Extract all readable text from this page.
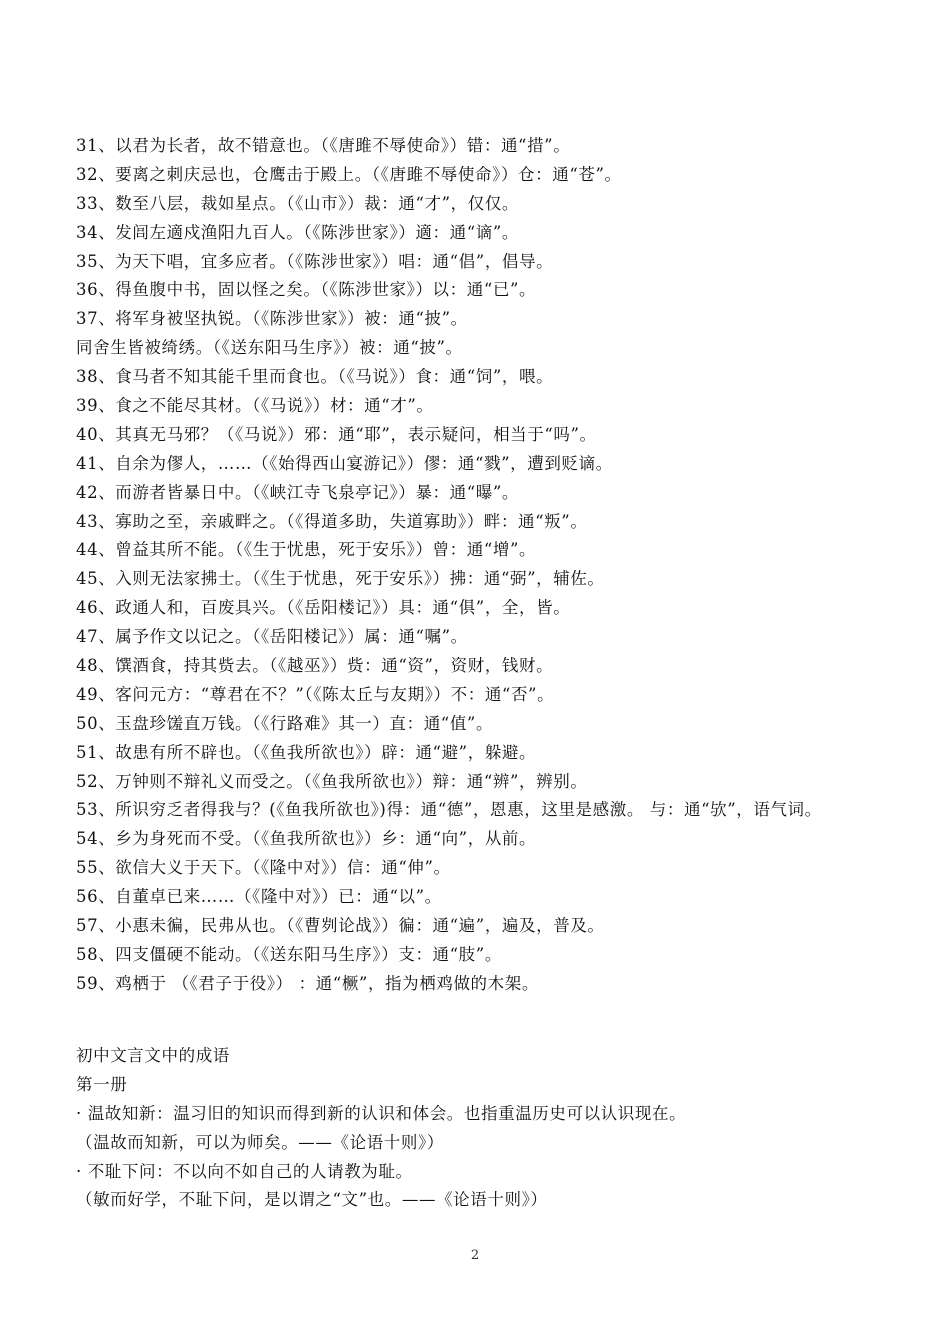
31、以君为长者，故不错意也。（《唐雎不辱使命》）错：通“措”。
32、要离之刺庆忌也，仓鹰击于殿上。（《唐雎不辱使命》）仓：通“苍”。
33、数至八层，裁如星点。（《山市》）裁：通“才”，仅仅。
34、发闾左適戍渔阳九百人。（《陈涉世家》）適：通“谪”。
35、为天下唱，宜多应者。（《陈涉世家》）唱：通“倡”，倡导。
36、得鱼腹中书，固以怪之矣。（《陈涉世家》）以：通“已”。
37、将军身被坚执锐。（《陈涉世家》）被：通“披”。
同舍生皆被绮绣。（《送东阳马生序》）被：通“披”。
38、食马者不知其能千里而食也。（《马说》）食：通“饲”，喂。
39、食之不能尽其材。（《马说》）材：通“才”。
40、其真无马邪？（《马说》）邪：通“耶”，表示疑问，相当于“吗”。
41、自余为僇人，……（《始得西山宴游记》）僇：通“戮”，遭到贬谪。
42、而游者皆暴日中。（《峡江寺飞泉亭记》）暴：通“曝”。
43、寡助之至，亲戚畔之。（《得道多助，失道寡助》）畔：通“叛”。
44、曾益其所不能。（《生于忧患，死于安乐》）曾：通“增”。
45、入则无法家拂士。（《生于忧患，死于安乐》）拂：通“弼”，辅佐。
46、政通人和，百废具兴。（《岳阳楼记》）具：通“俱”，全，皆。
47、属予作文以记之。（《岳阳楼记》）属：通“嘱”。
48、馔酒食，持其赀去。（《越巫》）赀：通“资”，资财，钱财。
49、客问元方：“尊君在不？”（《陈太丘与友期》）不：通“否”。
50、玉盘珍馐直万钱。（《行路难》其一）直：通“值”。
51、故患有所不辟也。（《鱼我所欲也》）辟：通“避”，躲避。
52、万钟则不辩礼义而受之。（《鱼我所欲也》）辩：通“辨”，辨别。
53、所识穷乏者得我与？(《鱼我所欲也》)得：通“德”，恩惠，这里是感激。 与：通“欤”，语气词。
54、乡为身死而不受。（《鱼我所欲也》）乡：通“向”，从前。
55、欲信大义于天下。（《隆中对》）信：通“伸”。
56、自董卓已来……（《隆中对》）已：通“以”。
57、小惠未徧，民弗从也。（《曹刿论战》）徧：通“遍”，遍及，普及。
58、四支僵硬不能动。（《送东阳马生序》）支：通“肢”。
59、鸡栖于 （《君子于役》） ：通“橛”，指为栖鸡做的木架。
初中文言文中的成语
第一册
· 温故知新：温习旧的知识而得到新的认识和体会。也指重温历史可以认识现在。
（温故而知新，可以为师矣。——《论语十则》）
· 不耻下问：不以向不如自己的人请教为耻。
（敏而好学，不耻下问，是以谓之“文”也。——《论语十则》）
2
